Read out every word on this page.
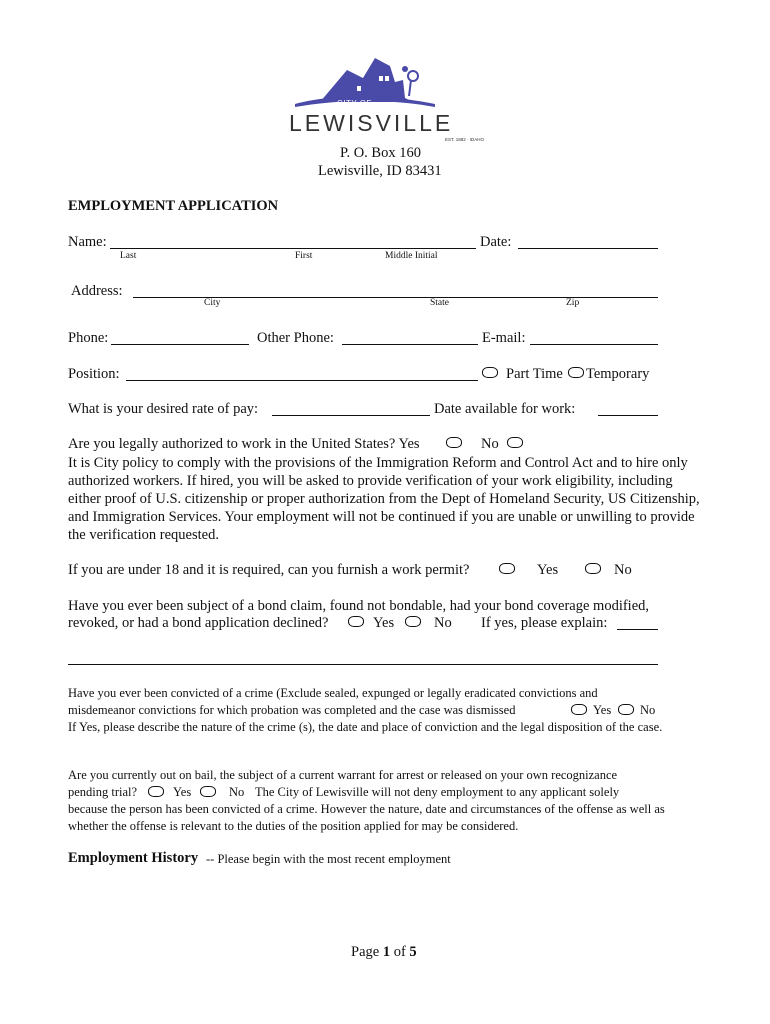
CITY OF
LEWISVILLE
EST. 1882 · IDAHO
P. O. Box 160
Lewisville, ID 83431
EMPLOYMENT APPLICATION
Name:	Date:
Last	First	Middle Initial
Address:
City	State	Zip
Phone:	Other Phone:	E-mail:
Position:	Part Time Temporary
What is your desired rate of pay:	Date available for work:
Are you legally authorized to work in the United States? Yes	No
It is City policy to comply with the provisions of the Immigration Reform and Control Act and to hire only authorized workers. If hired, you will be asked to provide verification of your work eligibility, including either proof of U.S. citizenship or proper authorization from the Dept of Homeland Security, US Citizenship, and Immigration Services. Your employment will not be continued if you are unable or unwilling to provide the verification requested.
If you are under 18 and it is required, can you furnish a work permit?	Yes	No
Have you ever been subject of a bond claim, found not bondable, had your bond coverage modified,
revoked, or had a bond application declined?	Yes	No If yes, please explain:
Have you ever been convicted of a crime (Exclude sealed, expunged or legally eradicated convictions and
misdemeanor convictions for which probation was completed and the case was dismissed	Yes No
If Yes, please describe the nature of the crime (s), the date and place of conviction and the legal disposition of the case.
Are you currently out on bail, the subject of a current warrant for arrest or released on your own recognizance
pending trial?	Yes	No The City of Lewisville will not deny employment to any applicant solely
because the person has been convicted of a crime. However the nature, date and circumstances of the offense as well as whether the offense is relevant to the duties of the position applied for may be considered.
Employment History -- Please begin with the most recent employment
Page 1 of 5
